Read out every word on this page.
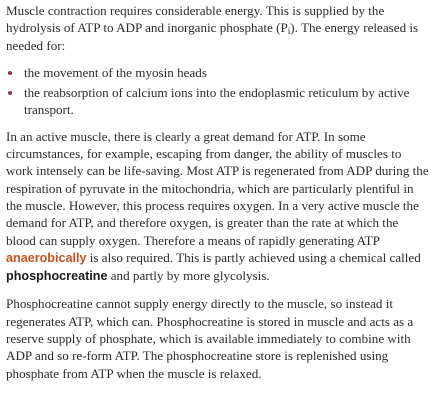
Muscle contraction requires considerable energy. This is supplied by the hydrolysis of ATP to ADP and inorganic phosphate $(P_i)$. The energy released is needed for:

the movement of the myosin heads
the reabsorption of calcium ions into the endoplasmic reticulum by active transport.

In an active muscle, there is clearly a great demand for ATP. In some circumstances, for example, escaping from danger, the ability of muscles to work intensely can be life-saving. Most ATP is regenerated from ADP during the respiration of pyruvate in the mitochondria, which are particularly plentiful in the muscle. However, this process requires oxygen. In a very active muscle the demand for ATP, and therefore oxygen, is greater than the rate at which the blood can supply oxygen. Therefore a means of rapidly generating ATP anaerobically is also required. This is partly achieved using a chemical called phosphocreatine and partly by more glycolysis.

Phosphocreatine cannot supply energy directly to the muscle, so instead it regenerates ATP, which can. Phosphocreatine is stored in muscle and acts as a reserve supply of phosphate, which is available immediately to combine with ADP and so re-form ATP. The phosphocreatine store is replenished using phosphate from ATP when the muscle is relaxed.
